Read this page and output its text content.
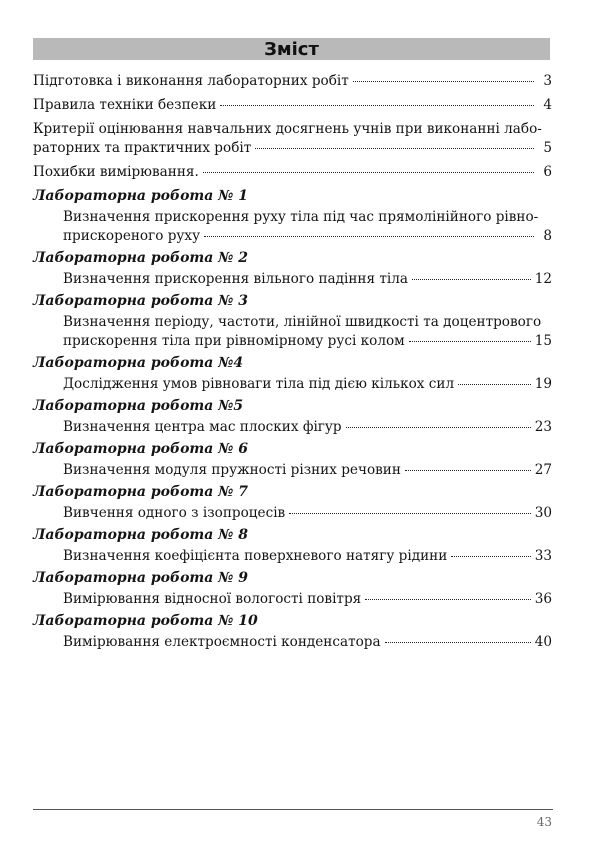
Зміст
Підготовка і виконання лабораторних робіт	3
Правила техніки безпеки	4
Критерії оцінювання навчальних досягнень учнів при виконанні лабо-
раторних та практичних робіт	5
Похибки вимірювання.	6
Лабораторна робота № 1
Визначення прискорення руху тіла під час прямолінійного рівно-
прискореного руху	8
Лабораторна робота № 2
Визначення прискорення вільного падіння тіла	12
Лабораторна робота № 3
Визначення періоду, частоти, лінійної швидкості та доцентрового
прискорення тіла при рівномірному русі колом	15
Лабораторна робота №4
Дослідження умов рівноваги тіла під дією кількох сил	19
Лабораторна робота №5
Визначення центра мас плоских фігур	23
Лабораторна робота № 6
Визначення модуля пружності різних речовин	27
Лабораторна робота № 7
Вивчення одного з ізопроцесів	30
Лабораторна робота № 8
Визначення коефіцієнта поверхневого натягу рідини	33
Лабораторна робота № 9
Вимірювання відносної вологості повітря	36
Лабораторна робота № 10
Вимірювання електроємності конденсатора	40
43
